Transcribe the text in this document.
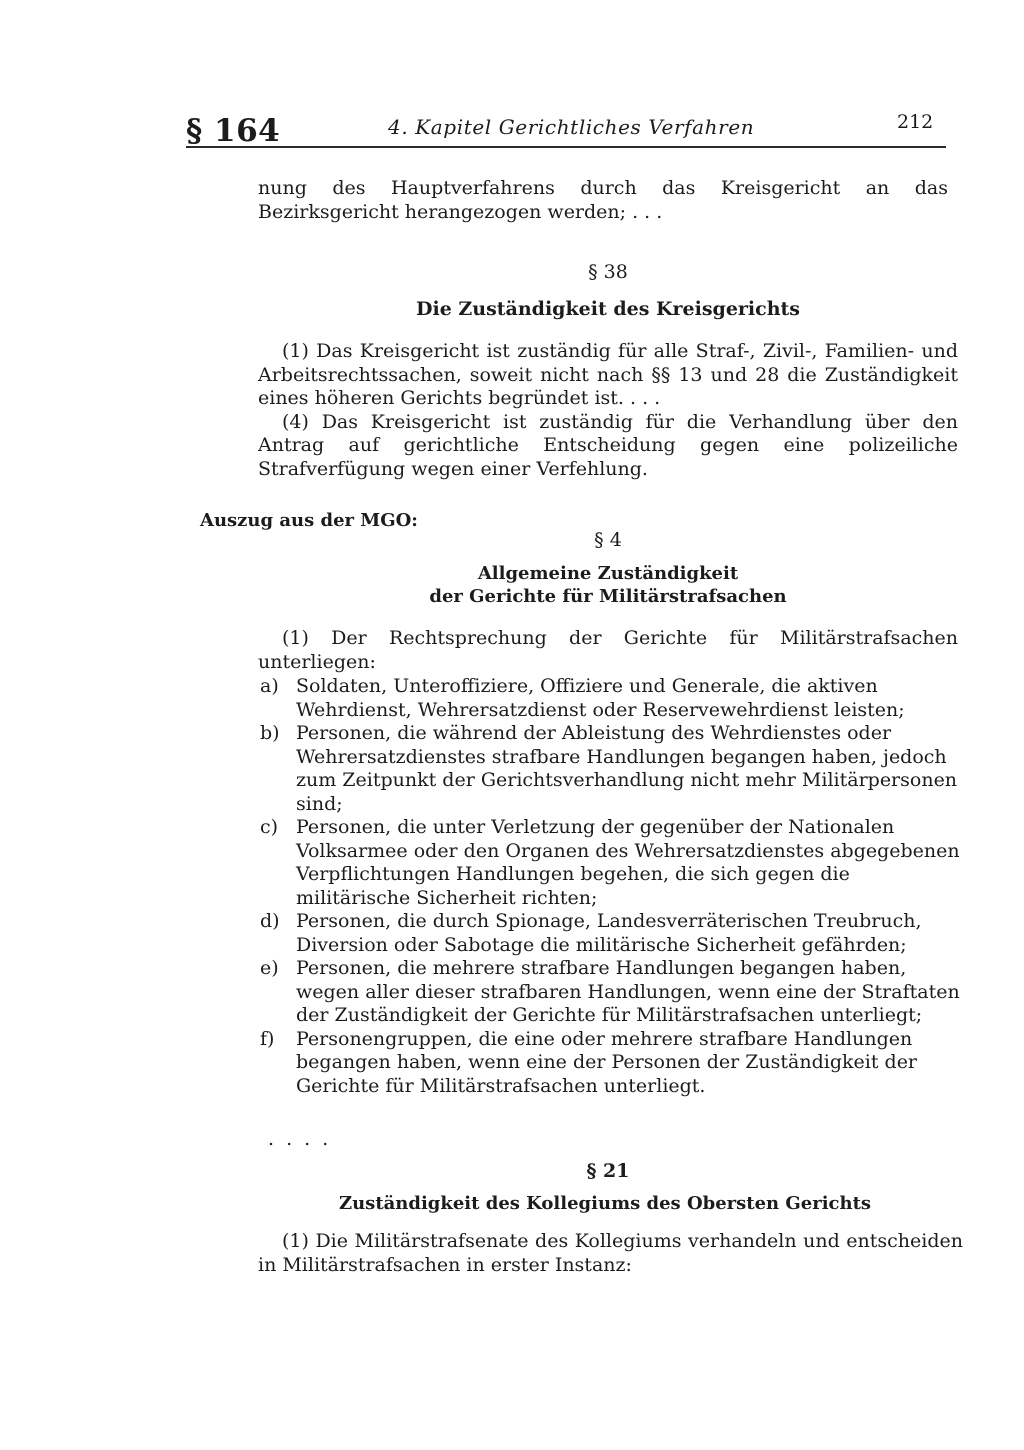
§ 164	4. Kapitel Gerichtliches Verfahren	212

nung des Hauptverfahrens durch das Kreisgericht an das Bezirksgericht herangezogen werden; . . .

§ 38
Die Zuständigkeit des Kreisgerichts

(1) Das Kreisgericht ist zuständig für alle Straf-, Zivil-, Familien- und Arbeitsrechtssachen, soweit nicht nach §§ 13 und 28 die Zuständigkeit eines höheren Gerichts begründet ist. . . .

(4) Das Kreisgericht ist zuständig für die Verhandlung über den Antrag auf gerichtliche Entscheidung gegen eine polizeiliche Strafverfügung wegen einer Verfehlung.

Auszug aus der MGO:
§ 4
Allgemeine Zuständigkeit
der Gerichte für Militärstrafsachen

(1) Der Rechtsprechung der Gerichte für Militärstrafsachen unterliegen:

a) Soldaten, Unteroffiziere, Offiziere und Generale, die aktiven Wehrdienst, Wehrersatzdienst oder Reservewehrdienst leisten;
b) Personen, die während der Ableistung des Wehrdienstes oder Wehrersatzdienstes strafbare Handlungen begangen haben, jedoch zum Zeitpunkt der Gerichtsverhandlung nicht mehr Militärpersonen sind;
c) Personen, die unter Verletzung der gegenüber der Nationalen Volksarmee oder den Organen des Wehrersatzdienstes abgegebenen Verpflichtungen Handlungen begehen, die sich gegen die militärische Sicherheit richten;
d) Personen, die durch Spionage, Landesverräterischen Treubruch, Diversion oder Sabotage die militärische Sicherheit gefährden;
e) Personen, die mehrere strafbare Handlungen begangen haben, wegen aller dieser strafbaren Handlungen, wenn eine der Straftaten der Zuständigkeit der Gerichte für Militärstrafsachen unterliegt;
f)	Personengruppen, die eine oder mehrere strafbare Handlungen begangen haben, wenn eine der Personen der Zuständigkeit der Gerichte für Militärstrafsachen unterliegt.
. . . .
§ 21
Zuständigkeit des Kollegiums des Obersten Gerichts

(1) Die Militärstrafsenate des Kollegiums verhandeln und entscheiden in Militärstrafsachen in erster Instanz:
